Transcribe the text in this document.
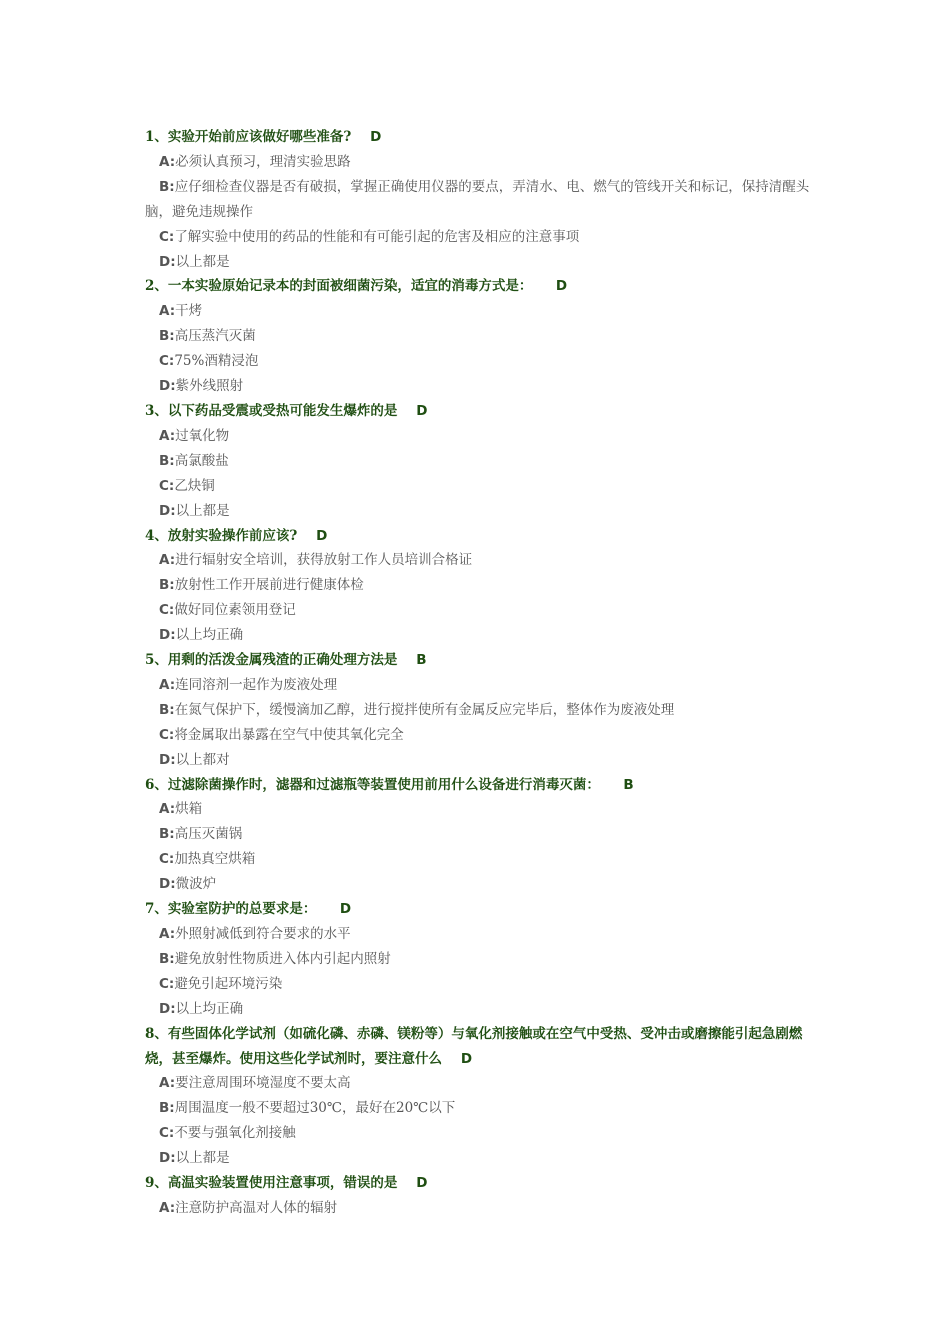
1、实验开始前应该做好哪些准备? D
A:必须认真预习，理清实验思路
B:应仔细检查仪器是否有破损，掌握正确使用仪器的要点，弄清水、电、燃气的管线开关和标记，保持清醒头脑，避免违规操作
C:了解实验中使用的药品的性能和有可能引起的危害及相应的注意事项
D:以上都是
2、一本实验原始记录本的封面被细菌污染，适宜的消毒方式是： D
A:干烤
B:高压蒸汽灭菌
C:75%酒精浸泡
D:紫外线照射
3、以下药品受震或受热可能发生爆炸的是 D
A:过氧化物
B:高氯酸盐
C:乙炔铜
D:以上都是
4、放射实验操作前应该? D
A:进行辐射安全培训，获得放射工作人员培训合格证
B:放射性工作开展前进行健康体检
C:做好同位素领用登记
D:以上均正确
5、用剩的活泼金属残渣的正确处理方法是 B
A:连同溶剂一起作为废液处理
B:在氮气保护下，缓慢滴加乙醇，进行搅拌使所有金属反应完毕后，整体作为废液处理
C:将金属取出暴露在空气中使其氧化完全
D:以上都对
6、过滤除菌操作时，滤器和过滤瓶等装置使用前用什么设备进行消毒灭菌： B
A:烘箱
B:高压灭菌锅
C:加热真空烘箱
D:微波炉
7、实验室防护的总要求是： D
A:外照射减低到符合要求的水平
B:避免放射性物质进入体内引起内照射
C:避免引起环境污染
D:以上均正确
8、有些固体化学试剂（如硫化磷、赤磷、镁粉等）与氧化剂接触或在空气中受热、受冲击或磨擦能引起急剧燃烧，甚至爆炸。使用这些化学试剂时，要注意什么 D
A:要注意周围环境湿度不要太高
B:周围温度一般不要超过30℃，最好在20℃以下
C:不要与强氧化剂接触
D:以上都是
9、高温实验装置使用注意事项，错误的是 D
A:注意防护高温对人体的辐射
